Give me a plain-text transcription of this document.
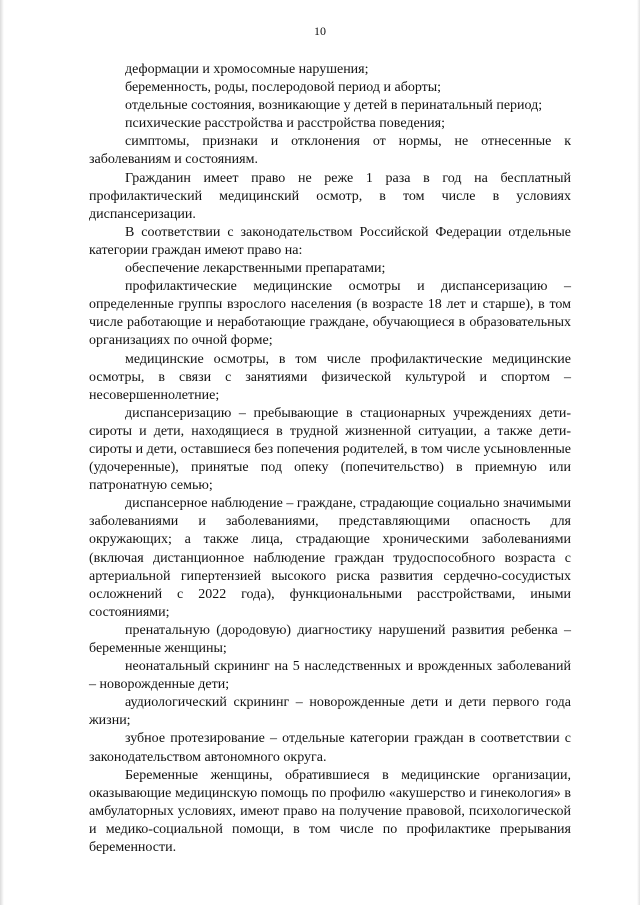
10

деформации и хромосомные нарушения;

беременность, роды, послеродовой период и аборты;

отдельные состояния, возникающие у детей в перинатальный период;

психические расстройства и расстройства поведения;

симптомы, признаки и отклонения от нормы, не отнесенные к заболеваниям и состояниям.

Гражданин имеет право не реже 1 раза в год на бесплатный профилактический медицинский осмотр, в том числе в условиях диспансеризации.

В соответствии с законодательством Российской Федерации отдельные категории граждан имеют право на:

обеспечение лекарственными препаратами;

профилактические медицинские осмотры и диспансеризацию – определенные группы взрослого населения (в возрасте 18 лет и старше), в том числе работающие и неработающие граждане, обучающиеся в образовательных организациях по очной форме;

медицинские осмотры, в том числе профилактические медицинские осмотры, в связи с занятиями физической культурой и спортом – несовершеннолетние;

диспансеризацию – пребывающие в стационарных учреждениях дети-сироты и дети, находящиеся в трудной жизненной ситуации, а также дети-сироты и дети, оставшиеся без попечения родителей, в том числе усыновленные (удочеренные), принятые под опеку (попечительство) в приемную или патронатную семью;

диспансерное наблюдение – граждане, страдающие социально значимыми заболеваниями и заболеваниями, представляющими опасность для окружающих; а также лица, страдающие хроническими заболеваниями (включая дистанционное наблюдение граждан трудоспособного возраста с артериальной гипертензией высокого риска развития сердечно-сосудистых осложнений с 2022 года), функциональными расстройствами, иными состояниями;

пренатальную (дородовую) диагностику нарушений развития ребенка – беременные женщины;

неонатальный скрининг на 5 наследственных и врожденных заболеваний – новорожденные дети;

аудиологический скрининг – новорожденные дети и дети первого года жизни;

зубное протезирование – отдельные категории граждан в соответствии с законодательством автономного округа.

Беременные женщины, обратившиеся в медицинские организации, оказывающие медицинскую помощь по профилю «акушерство и гинекология» в амбулаторных условиях, имеют право на получение правовой, психологической и медико-социальной помощи, в том числе по профилактике прерывания беременности.
